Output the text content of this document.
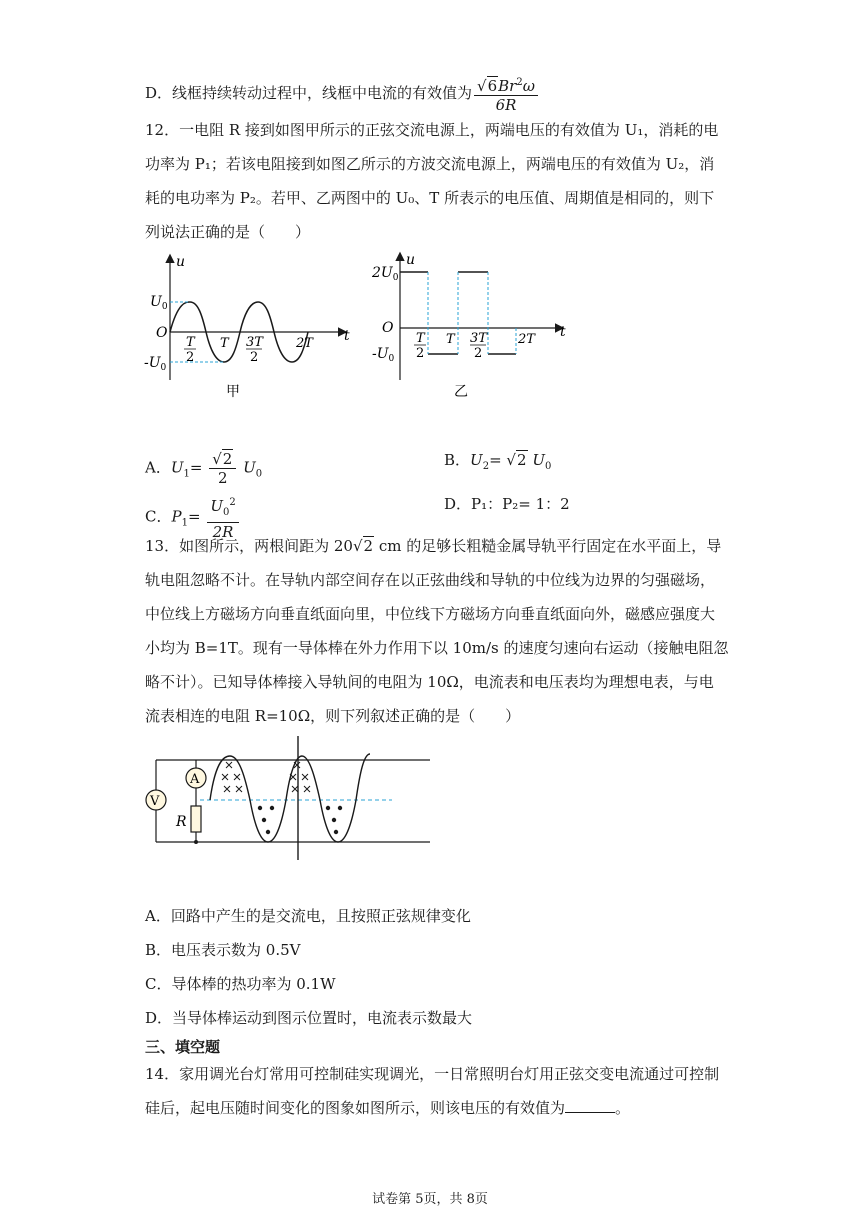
D．线框持续转动过程中，线框中电流的有效值为 $\frac{√6Br^2\omega}{6R}$
12．一电阻 R 接到如图甲所示的正弦交流电源上，两端电压的有效值为 U₁，消耗的电
功率为 P₁；若该电阻接到如图乙所示的方波交流电源上，两端电压的有效值为 U₂，消
耗的电功率为 P₂。若甲、乙两图中的 U₀、T 所表示的电压值、周期值是相同的，则下
列说法正确的是（　　）
u
t
O
$U_0$
$-U_0$
T
2
T 3T
2
2T
甲
u
t
O
$2U_0$
$-U_0$
T
2
T 3T
2
2T
乙
A．$U_1= \frac{√2}{2} U_0$
B．$U_2= √2$ $U_0$
C．$P_1= \frac{U_0^2}{2R}$	D．P₁：P₂= 1：2
13．如图所示，两根间距为 20√2 cm 的足够长粗糙金属导轨平行固定在水平面上，导
轨电阻忽略不计。在导轨内部空间存在以正弦曲线和导轨的中位线为边界的匀强磁场，
中位线上方磁场方向垂直纸面向里，中位线下方磁场方向垂直纸面向外，磁感应强度大
小均为 B=1T。现有一导体棒在外力作用下以 10m/s 的速度匀速向右运动（接触电阻忽
略不计）。已知导体棒接入导轨间的电阻为 10Ω，电流表和电压表均为理想电表，与电
流表相连的电阻 R=10Ω，则下列叙述正确的是（　　）
A
V
R
A．回路中产生的是交流电，且按照正弦规律变化
B．电压表示数为 0.5V
C．导体棒的热功率为 0.1W
D．当导体棒运动到图示位置时，电流表示数最大
三、填空题
14．家用调光台灯常用可控制硅实现调光，一日常照明台灯用正弦交变电流通过可控制
硅后，起电压随时间变化的图象如图所示，则该电压的有效值为	。
试卷第 5页，共 8页
